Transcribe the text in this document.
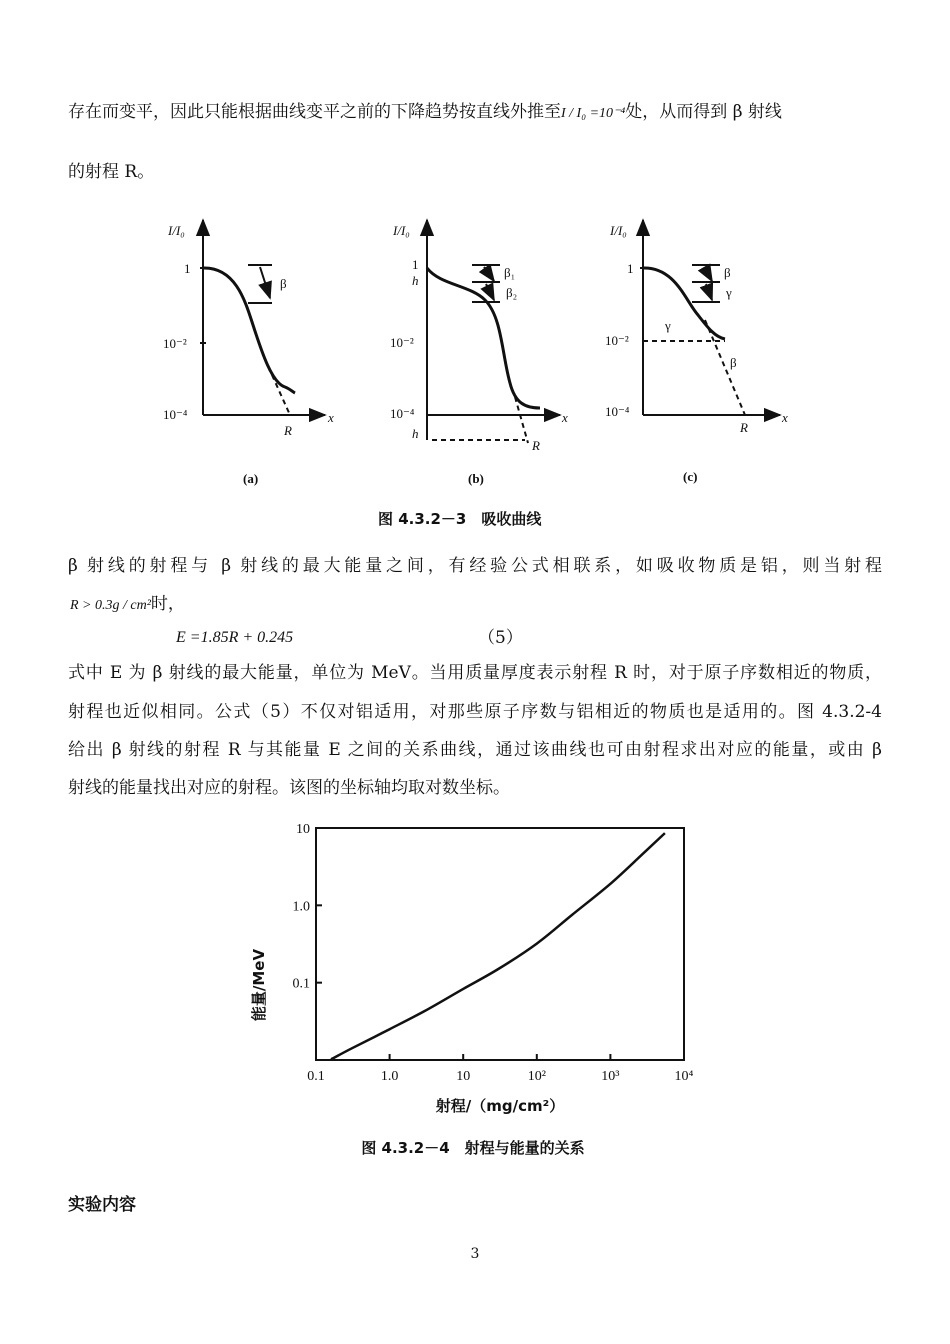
存在而变平，因此只能根据曲线变平之前的下降趋势按直线外推至I / I₀ =10⁻⁴处，从而得到 β 射线
的射程 R。
I/I₀
1
10⁻²
10⁻⁴	x
R
β
(a)
I/I₀
1
h
10⁻²
10⁻⁴
h
x
R
β₁
β₂
(b)
I/I₀
1
10⁻²
10⁻⁴	x
R
β
γ
γ
β
(c)
图 4.3.2－3　吸收曲线
β 射线的射程与 β 射线的最大能量之间，有经验公式相联系，如吸收物质是铝，则当射程
R > 0.3g / cm²时，
E =1.85R + 0.245	（5）
式中 E 为 β 射线的最大能量，单位为 MeV。当用质量厚度表示射程 R 时，对于原子序数相近的物质，
射程也近似相同。公式（5）不仅对铝适用，对那些原子序数与铝相近的物质也是适用的。图 4.3.2-4
给出 β 射线的射程 R 与其能量 E 之间的关系曲线，通过该曲线也可由射程求出对应的能量，或由 β
射线的能量找出对应的射程。该图的坐标轴均取对数坐标。
0.1	1.0	10	10²	10³	10⁴
10
1.0
0.1
能量/MeV
射程/（mg/cm²）
图 4.3.2－4　射程与能量的关系
实验内容
3
